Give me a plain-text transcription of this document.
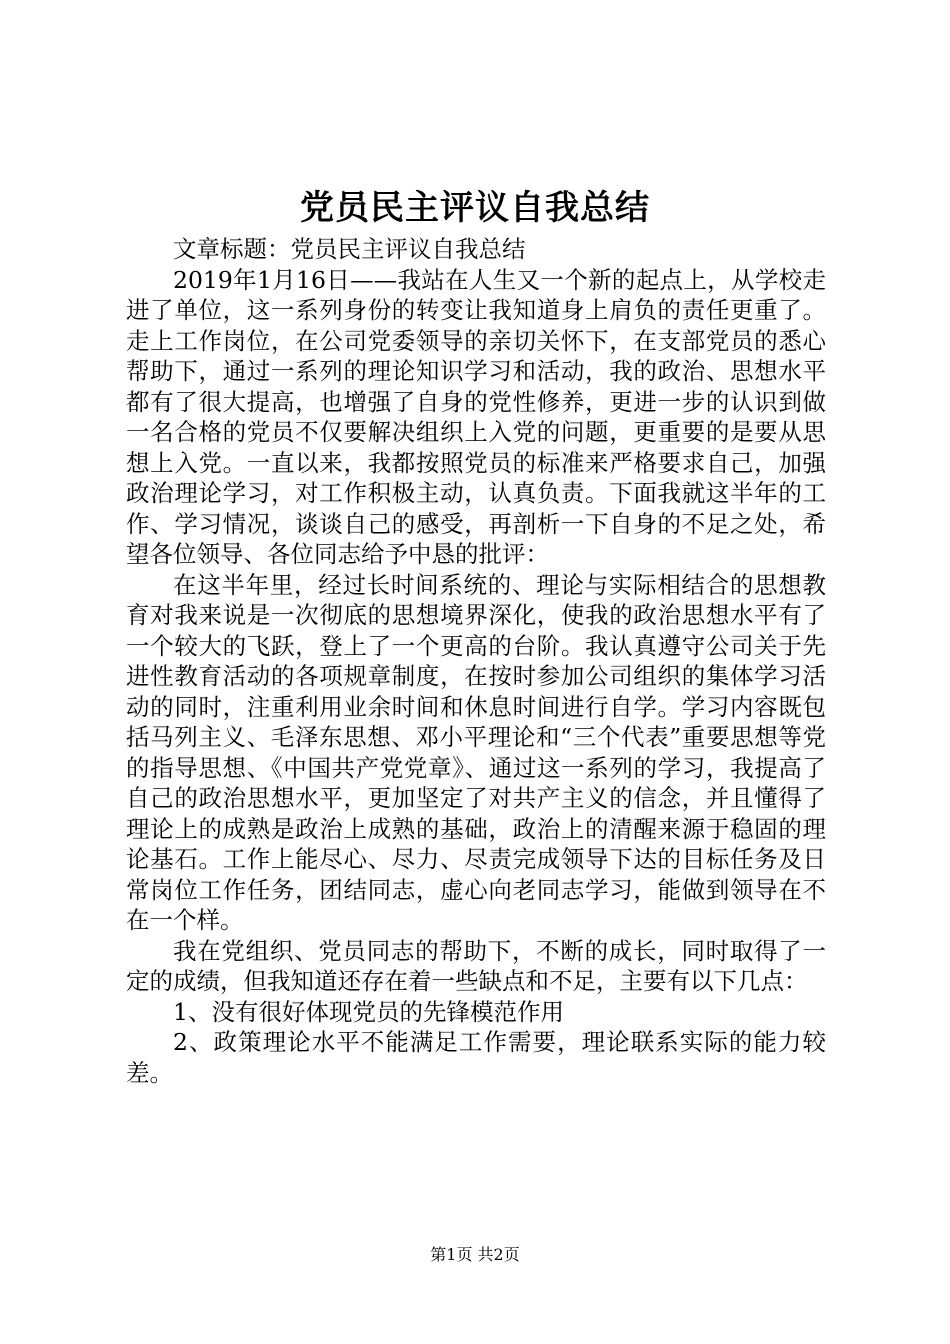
党员民主评议自我总结

文章标题：党员民主评议自我总结

2019年1月16日——我站在人生又一个新的起点上，从学校走进了单位，这一系列身份的转变让我知道身上肩负的责任更重了。走上工作岗位，在公司党委领导的亲切关怀下，在支部党员的悉心帮助下，通过一系列的理论知识学习和活动，我的政治、思想水平都有了很大提高，也增强了自身的党性修养，更进一步的认识到做一名合格的党员不仅要解决组织上入党的问题，更重要的是要从思想上入党。一直以来，我都按照党员的标准来严格要求自己，加强政治理论学习，对工作积极主动，认真负责。下面我就这半年的工作、学习情况，谈谈自己的感受，再剖析一下自身的不足之处，希望各位领导、各位同志给予中恳的批评：

在这半年里，经过长时间系统的、理论与实际相结合的思想教育对我来说是一次彻底的思想境界深化，使我的政治思想水平有了一个较大的飞跃，登上了一个更高的台阶。我认真遵守公司关于先进性教育活动的各项规章制度，在按时参加公司组织的集体学习活动的同时，注重利用业余时间和休息时间进行自学。学习内容既包括马列主义、毛泽东思想、邓小平理论和“三个代表”重要思想等党的指导思想、《中国共产党党章》、通过这一系列的学习，我提高了自己的政治思想水平，更加坚定了对共产主义的信念，并且懂得了理论上的成熟是政治上成熟的基础，政治上的清醒来源于稳固的理论基石。工作上能尽心、尽力、尽责完成领导下达的目标任务及日常岗位工作任务，团结同志，虚心向老同志学习，能做到领导在不在一个样。

我在党组织、党员同志的帮助下，不断的成长，同时取得了一定的成绩，但我知道还存在着一些缺点和不足，主要有以下几点：

1、没有很好体现党员的先锋模范作用

2、政策理论水平不能满足工作需要，理论联系实际的能力较差。

第1页 共2页
